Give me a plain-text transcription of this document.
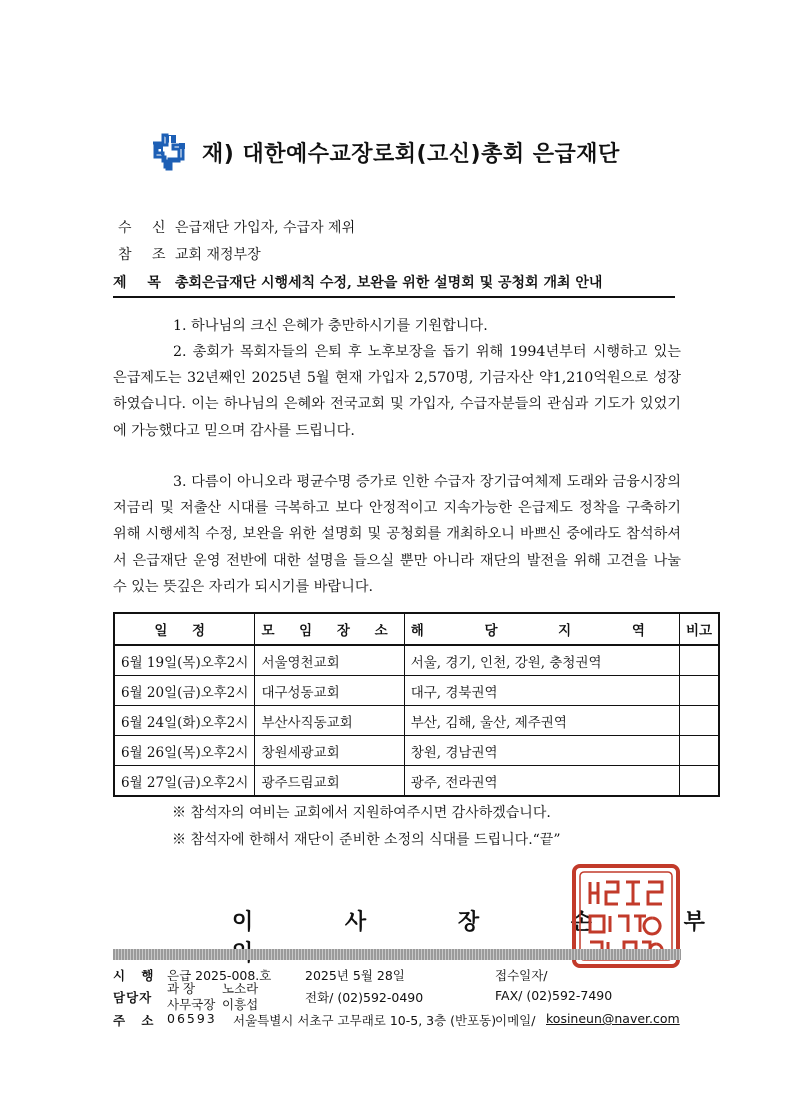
재) 대한예수교장로회(고신)총회 은급재단
수 신 은급재단 가입자, 수급자 제위
참 조 교회 재정부장
제 목 총회은급재단 시행세칙 수정, 보완을 위한 설명회 및 공청회 개최 안내
1. 하나님의 크신 은혜가 충만하시기를 기원합니다.
2. 총회가 목회자들의 은퇴 후 노후보장을 돕기 위해 1994년부터 시행하고 있는 은급제도는 32년째인 2025년 5월 현재 가입자 2,570명, 기금자산 약1,210억원으로 성장하였습니다. 이는 하나님의 은혜와 전국교회 및 가입자, 수급자분들의 관심과 기도가 있었기에 가능했다고 믿으며 감사를 드립니다.
3. 다름이 아니오라 평균수명 증가로 인한 수급자 장기급여체제 도래와 금융시장의 저금리 및 저출산 시대를 극복하고 보다 안정적이고 지속가능한 은급제도 정착을 구축하기 위해 시행세칙 수정, 보완을 위한 설명회 및 공청회를 개최하오니 바쁘신 중에라도 참석하셔서 은급재단 운영 전반에 대한 설명을 들으실 뿐만 아니라 재단의 발전을 위해 고견을 나눌 수 있는 뜻깊은 자리가 되시기를 바랍니다.
일 정	모 임 장 소	해 당 지 역	비고
6월 19일(목)오후2시	서울영천교회	서울, 경기, 인천, 강원, 충청권역	
6월 20일(금)오후2시	대구성동교회	대구, 경북권역	
6월 24일(화)오후2시	부산사직동교회	부산, 김해, 울산, 제주권역	
6월 26일(목)오후2시	창원세광교회	창원, 경남권역	
6월 27일(금)오후2시	광주드림교회	광주, 전라권역	
※ 참석자의 여비는 교회에서 지원하여주시면 감사하겠습니다.
※ 참석자에 한해서 재단이 준비한 소정의 식대를 드립니다.“끝”
이 사 장 손 부
시 행 은급 2025-008.호	2025년 5월 28일	접수일자/
담당자
과 장 노소라
사무국장 이흥섭	전화/ (02)592-0490	FAX/ (02)592-7490
주 소 06593 서울특별시 서초구 고무래로 10-5, 3층 (반포동)
이메일/ kosineun@naver.com
